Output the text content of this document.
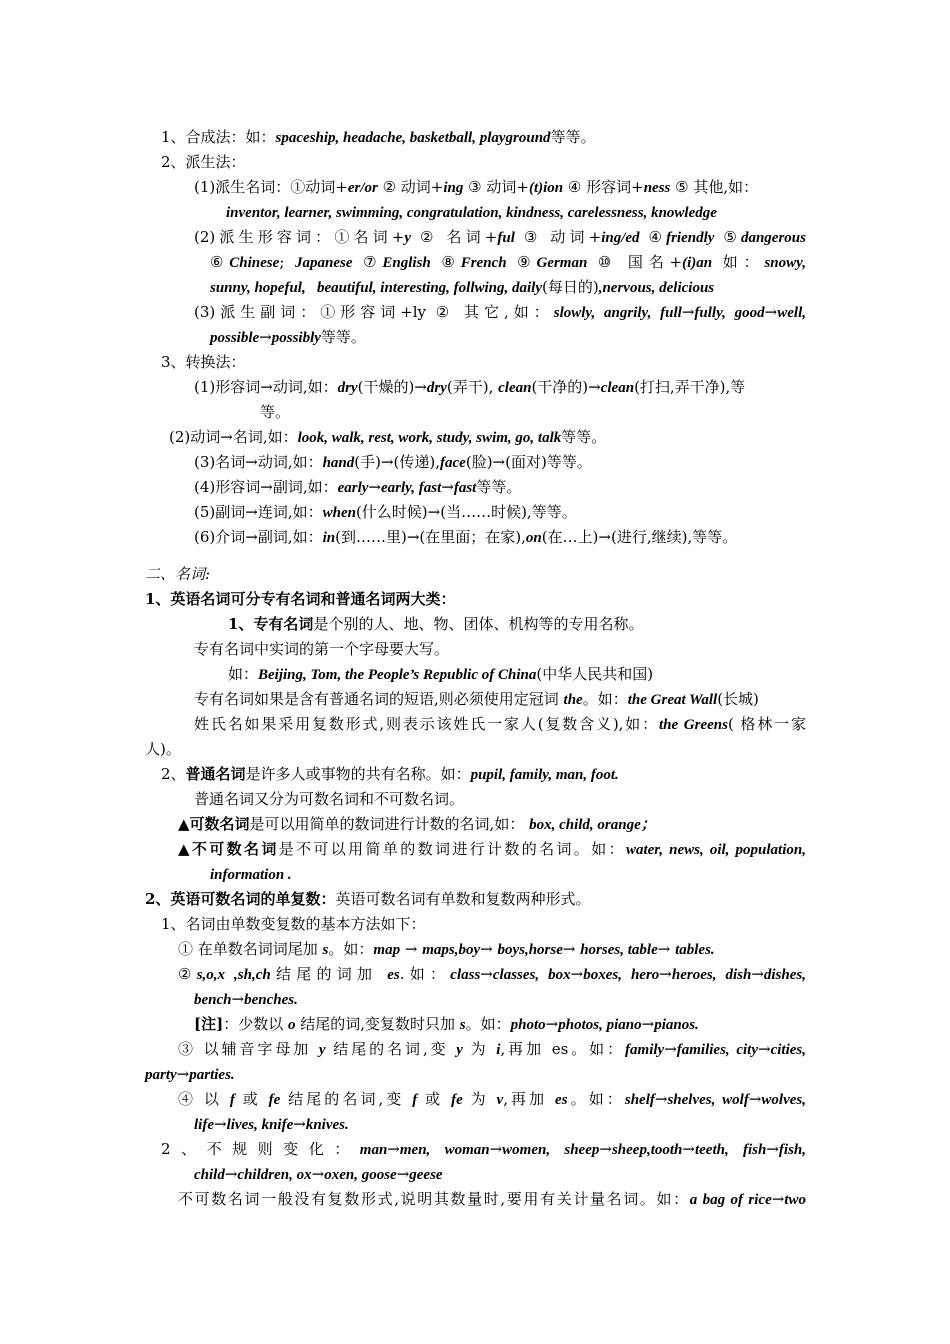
1、合成法：如：spaceship, headache, basketball, playground等等。
2、派生法：
(1)派生名词：①动词+er/or ② 动词+ing ③ 动词+(t)ion ④ 形容词+ness ⑤ 其他,如：
inventor, learner, swimming, congratulation, kindness, carelessness, knowledge
(2)派生形容词：①名词+y ② 名词+ful ③ 动词+ing/ed ④friendly ⑤dangerous
⑥Chinese; Japanese ⑦English ⑧French ⑨German ⑩ 国名+(i)an 如：snowy,
sunny, hopeful,   beautiful, interesting, follwing, daily(每日的),nervous, delicious
(3)派生副词：①形容词+ly ② 其它,如：slowly, angrily, full→fully, good→well,
possible→possibly等等。
3、转换法：
(1)形容词→动词,如：dry(干燥的)→dry(弄干), clean(干净的)→clean(打扫,弄干净),等
等。
(2)动词→名词,如：look, walk, rest, work, study, swim, go, talk等等。
(3)名词→动词,如：hand(手)→(传递),face(脸)→(面对)等等。
(4)形容词→副词,如：early→early, fast→fast等等。
(5)副词→连词,如：when(什么时候)→(当……时候),等等。
(6)介词→副词,如：in(到……里)→(在里面；在家),on(在…上)→(进行,继续),等等。
二、名词:
1、英语名词可分专有名词和普通名词两大类：
1、专有名词是个别的人、地、物、团体、机构等的专用名称。
专有名词中实词的第一个字母要大写。
如：Beijing, Tom, the People’s Republic of China(中华人民共和国)
专有名词如果是含有普通名词的短语,则必须使用定冠词 the。如：the Great Wall(长城)
姓氏名如果采用复数形式,则表示该姓氏一家人(复数含义),如：the Greens( 格林一家
人)。
2、普通名词是许多人或事物的共有名称。如：pupil, family, man, foot.
普通名词又分为可数名词和不可数名词。
▲可数名词是可以用简单的数词进行计数的名词,如： box, child, orange；
▲不可数名词是不可以用简单的数词进行计数的名词。如：water, news, oil, population,
information .
2、英语可数名词的单复数：英语可数名词有单数和复数两种形式。
1、名词由单数变复数的基本方法如下：
① 在单数名词词尾加 s。如：map → maps,boy→ boys,horse→ horses, table→ tables.
②s,o,x ,sh,ch结尾的词加 es.如：class→classes, box→boxes, hero→heroes, dish→dishes,
bench→benches.
[注]：少数以 o 结尾的词,变复数时只加 s。如：photo→photos, piano→pianos.
③ 以辅音字母加 y 结尾的名词,变 y 为 i,再加 es。如：family→families, city→cities,
party→parties.
④ 以 f 或 fe 结尾的名词,变 f 或 fe 为 v,再加 es。如：shelf→shelves, wolf→wolves,
life→lives, knife→knives.
2、不规则变化：man→men, woman→women, sheep→sheep,tooth→teeth, fish→fish,
child→children, ox→oxen, goose→geese
不可数名词一般没有复数形式,说明其数量时,要用有关计量名词。如：a bag of rice→two
